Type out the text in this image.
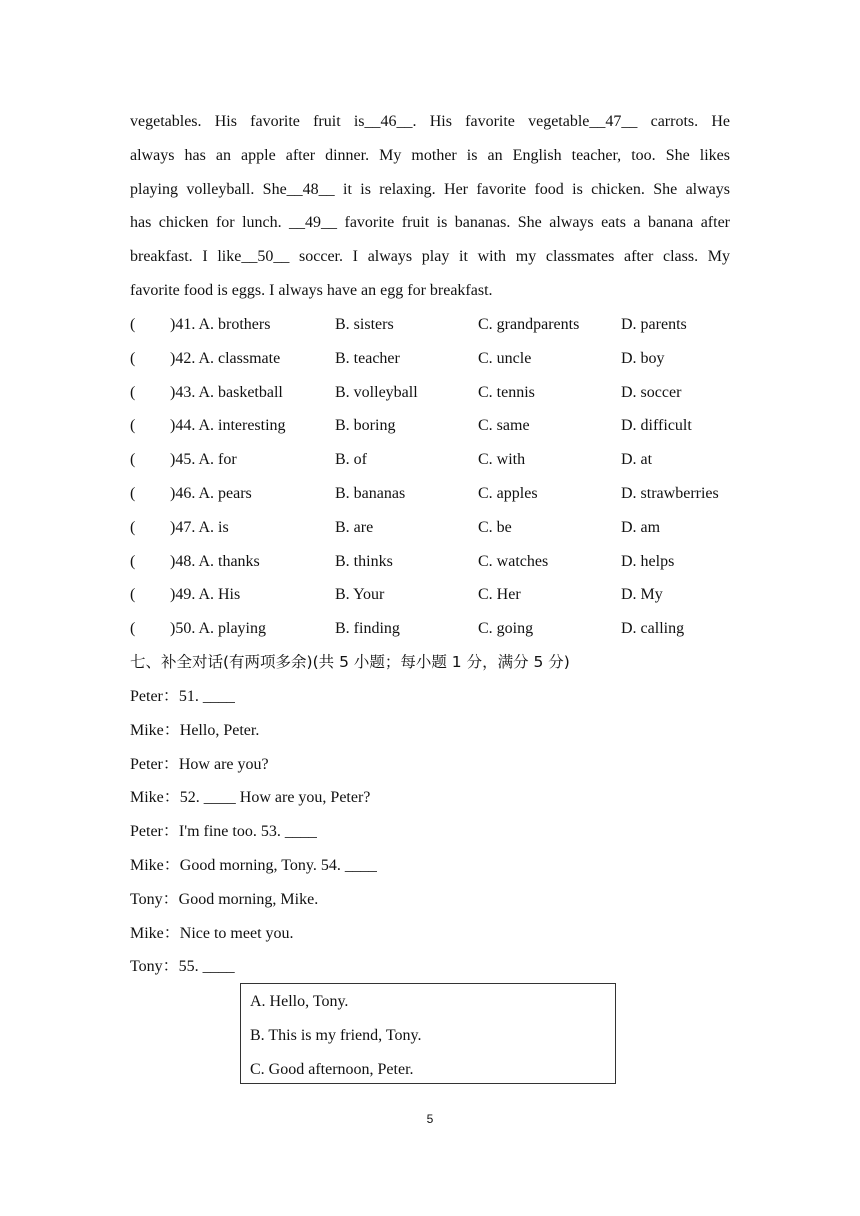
vegetables. His favorite fruit is__46__. His favorite vegetable__47__ carrots. He
always has an apple after dinner. My mother is an English teacher, too. She likes
playing volleyball. She__48__ it is relaxing. Her favorite food is chicken. She always
has chicken for lunch. __49__ favorite fruit is bananas. She always eats a banana after
breakfast. I like__50__ soccer. I always play it with my classmates after class. My
favorite food is eggs. I always have an egg for breakfast.
( )41. A. brothers	B. sisters	C. grandparents	D. parents
( )42. A. classmate	B. teacher	C. uncle	D. boy
( )43. A. basketball	B. volleyball	C. tennis	D. soccer
( )44. A. interesting	B. boring	C. same	D. difficult
( )45. A. for	B. of	C. with	D. at
( )46. A. pears	B. bananas	C. apples	D. strawberries
( )47. A. is	B. are	C. be	D. am
( )48. A. thanks	B. thinks	C. watches	D. helps
( )49. A. His	B. Your	C. Her	D. My
( )50. A. playing	B. finding	C. going	D. calling
七、补全对话(有两项多余)(共 5 小题；每小题 1 分，满分 5 分)
Peter：51. ____
Mike：Hello, Peter.
Peter：How are you?
Mike：52. ____ How are you, Peter?
Peter：I'm fine too. 53. ____
Mike：Good morning, Tony. 54. ____
Tony：Good morning, Mike.
Mike：Nice to meet you.
Tony：55. ____
A. Hello, Tony.
B. This is my friend, Tony.
C. Good afternoon, Peter.
5
